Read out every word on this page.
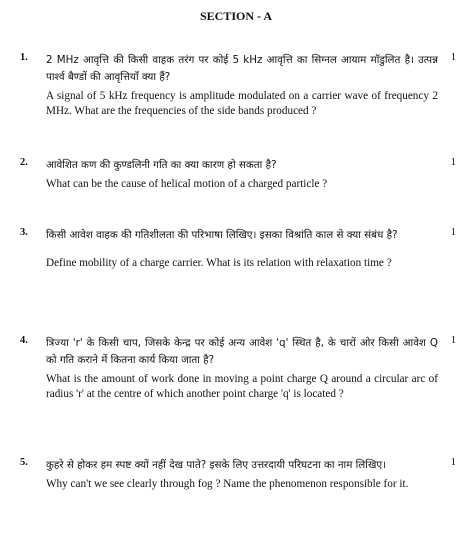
SECTION - A
1.	1
2 MHz आवृत्ति की किसी वाहक तरंग पर कोई 5 kHz आवृत्ति का सिग्नल आयाम मॉडुलित है। उत्पन्न पार्श्व बैण्डों की आवृत्तियाँ क्या हैं?
A signal of 5 kHz frequency is amplitude modulated on a carrier wave of frequency 2 MHz. What are the frequencies of the side bands produced ?
2.	1
आवेशित कण की कुण्डलिनी गति का क्या कारण हो सकता है?
What can be the cause of helical motion of a charged particle ?
3.	1
किसी आवेश वाहक की गतिशीलता की परिभाषा लिखिए। इसका विश्रांति काल से क्या संबंध है?
Define mobility of a charge carrier. What is its relation with relaxation time ?
4.	1
त्रिज्या 'r' के किसी चाप, जिसके केन्द्र पर कोई अन्य आवेश 'q' स्थित है, के चारों ओर किसी आवेश Q को गति कराने में कितना कार्य किया जाता है?
What is the amount of work done in moving a point charge Q around a circular arc of radius 'r' at the centre of which another point charge 'q' is located ?
5.	1
कुहरे से होकर हम स्पष्ट क्यों नहीं देख पाते? इसके लिए उत्तरदायी परिघटना का नाम लिखिए।
Why can't we see clearly through fog ? Name the phenomenon responsible for it.
